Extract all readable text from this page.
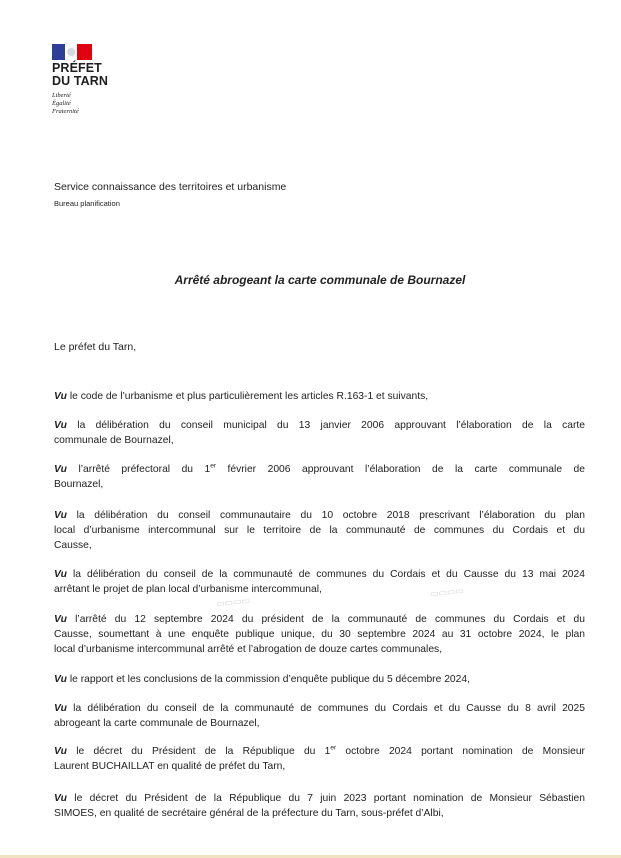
PRÉFET
DU TARN
Liberté
Égalité
Fraternité
Service connaissance des territoires et urbanisme
Bureau planification
Arrêté abrogeant la carte communale de Bournazel
Le préfet du Tarn,
Vu le code de l’urbanisme et plus particulièrement les articles R.163-1 et suivants,
Vu la délibération du conseil municipal du 13 janvier 2006 approuvant l’élaboration de la carte
communale de Bournazel,
Vu l’arrêté préfectoral du 1er février 2006 approuvant l’élaboration de la carte communale de
Bournazel,
Vu la délibération du conseil communautaire du 10 octobre 2018 prescrivant l’élaboration du plan
local d’urbanisme intercommunal sur le territoire de la communauté de communes du Cordais et du
Causse,
Vu la délibération du conseil de la communauté de communes du Cordais et du Causse du 13 mai 2024
arrêtant le projet de plan local d’urbanisme intercommunal,
▭▭▭▭
▭▭▭▭
Vu l’arrêté du 12 septembre 2024 du président de la communauté de communes du Cordais et du
Causse, soumettant à une enquête publique unique, du 30 septembre 2024 au 31 octobre 2024, le plan
local d’urbanisme intercommunal arrêté et l’abrogation de douze cartes communales,
Vu le rapport et les conclusions de la commission d’enquête publique du 5 décembre 2024,
Vu la délibération du conseil de la communauté de communes du Cordais et du Causse du 8 avril 2025
abrogeant la carte communale de Bournazel,
Vu le décret du Président de la République du 1er octobre 2024 portant nomination de Monsieur
Laurent BUCHAILLAT en qualité de préfet du Tarn,
Vu le décret du Président de la République du 7 juin 2023 portant nomination de Monsieur Sébastien
SIMOES, en qualité de secrétaire général de la préfecture du Tarn, sous-préfet d’Albi,
